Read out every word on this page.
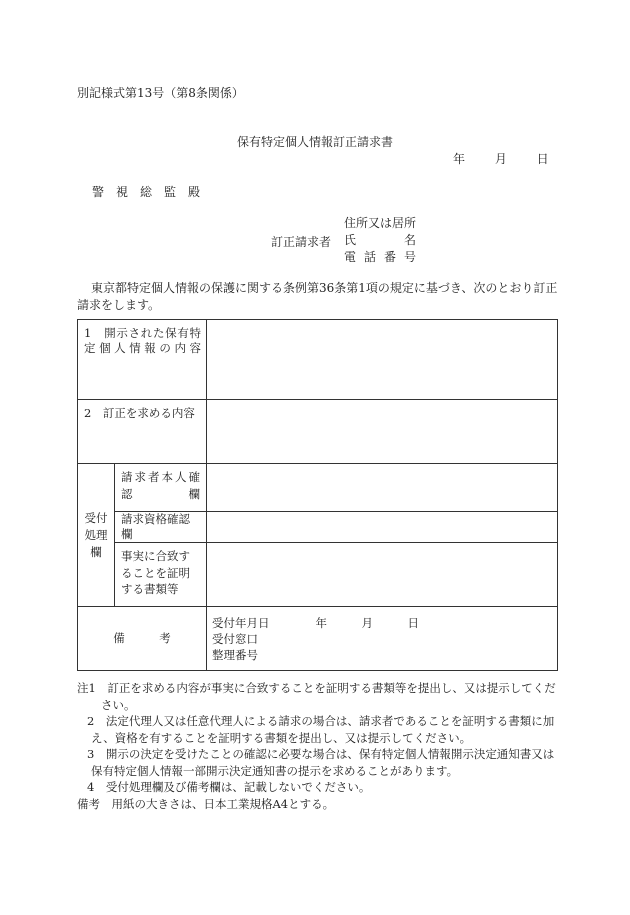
別記様式第13号（第8条関係）
保有特定個人情報訂正請求書
年 月 日
警　視　総　監　殿
訂正請求者
住所又は居所
氏　名
電話番号
東京都特定個人情報の保護に関する条例第36条第1項の規定に基づき、次のとおり訂正請求をします。
1　開示された保有特定個人情報の内容		

2　訂正を求める内容		

受付処理欄	請求者本人確認欄	

	請求資格確認欄	

	事実に合致することを証明する書類等	

備　　　考		受付年月日　　　　年　　　月　　　日
受付窓口
整理番号
注1　訂正を求める内容が事実に合致することを証明する書類等を提出し、又は提示してください。
2　法定代理人又は任意代理人による請求の場合は、請求者であることを証明する書類に加え、資格を有することを証明する書類を提出し、又は提示してください。
3　開示の決定を受けたことの確認に必要な場合は、保有特定個人情報開示決定通知書又は保有特定個人情報一部開示決定通知書の提示を求めることがあります。
4　受付処理欄及び備考欄は、記載しないでください。
備考　用紙の大きさは、日本工業規格A4とする。
